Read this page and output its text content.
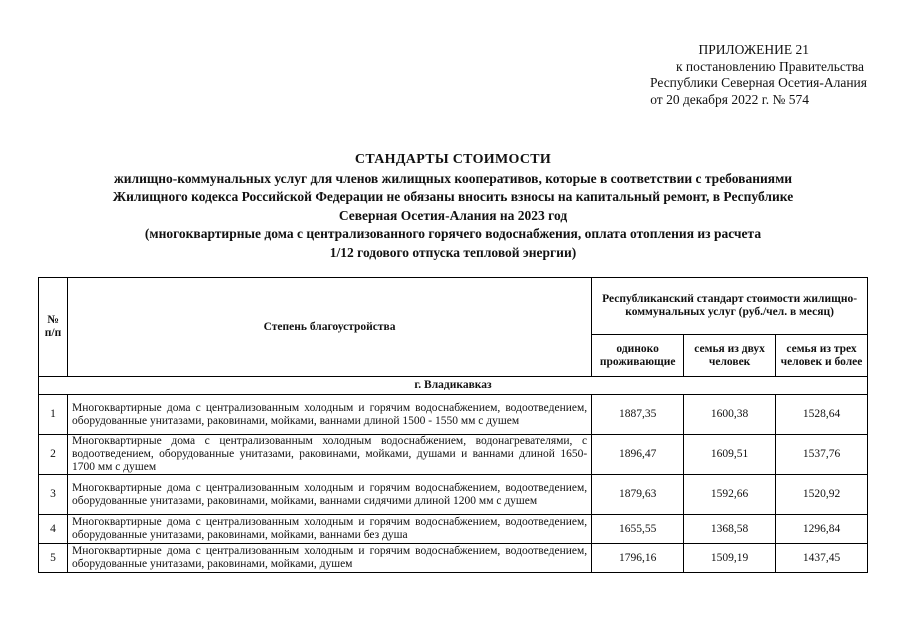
ПРИЛОЖЕНИЕ 21
к постановлению Правительства
Республики Северная Осетия-Алания
от 20 декабря 2022 г. № 574
СТАНДАРТЫ СТОИМОСТИ
жилищно-коммунальных услуг для членов жилищных кооперативов, которые в соответствии с требованиями
Жилищного кодекса Российской Федерации не обязаны вносить взносы на капитальный ремонт, в Республике
Северная Осетия-Алания на 2023 год
(многоквартирные дома с централизованного горячего водоснабжения, оплата отопления из расчета
1/12 годового отпуска тепловой энергии)
№ п/п	Степень благоустройства	Республиканский стандарт стоимости жилищно-коммунальных услуг (руб./чел. в месяц)		
		одиноко проживающие	семья из двух человек	семья из трех человек и более
г. Владикавказ				
1	Многоквартирные дома с централизованным холодным и горячим водоснабжением, водоотведением, оборудованные унитазами, раковинами, мойками, ваннами длиной 1500 - 1550 мм с душем	1887,35	1600,38	1528,64
2	Многоквартирные дома с централизованным холодным водоснабжением, водонагревателями, с водоотведением, оборудованные унитазами, раковинами, мойками, душами и ваннами длиной 1650-1700 мм с душем	1896,47	1609,51	1537,76
3	Многоквартирные дома с централизованным холодным и горячим водоснабжением, водоотведением, оборудованные унитазами, раковинами, мойками, ваннами сидячими длиной 1200 мм с душем	1879,63	1592,66	1520,92
4	Многоквартирные дома с централизованным холодным и горячим водоснабжением, водоотведением, оборудованные унитазами, раковинами, мойками, ваннами без душа	1655,55	1368,58	1296,84
5	Многоквартирные дома с централизованным холодным и горячим водоснабжением, водоотведением, оборудованные унитазами, раковинами, мойками, душем	1796,16	1509,19	1437,45
